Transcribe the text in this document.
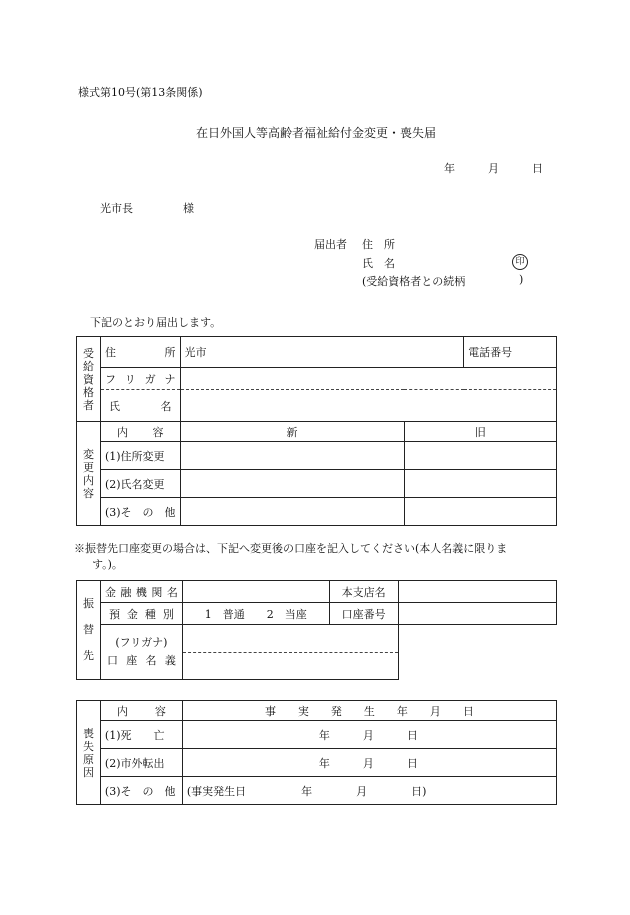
様式第10号(第13条関係)
在日外国人等高齢者福祉給付金変更・喪失届
年	月	日
光市長	様
届出者 住　所
氏　名	印
(受給資格者との続柄	)
下記のとおり届出します。
受
給
資
格
者	住 所	光市		電話番号

	フ リ ガ ナ			

	氏 名			

変
更
内
容	内 容	新	旧	
	(1)住所変更			
	(2)氏名変更			
	(3)そ　の　他			
※振替先口座変更の場合は、下記へ変更後の口座を記入してください(本人名義に限りま
す。)。
振
替
先	金 融 機 関 名		本支店名	

	預 金 種 別	1　普通　　2　当座	口座番号	

	(フリガナ)
口 座 名 義			

喪
失
原
因	内 容	事　　実　　発　　生　　年　　月　　日
	(1)死　　亡	年　　　月　　　日
	(2)市外転出	年　　　月　　　日
	(3)そ　の　他	(事実発生日　　　　　年　　　　月　　　　日)
